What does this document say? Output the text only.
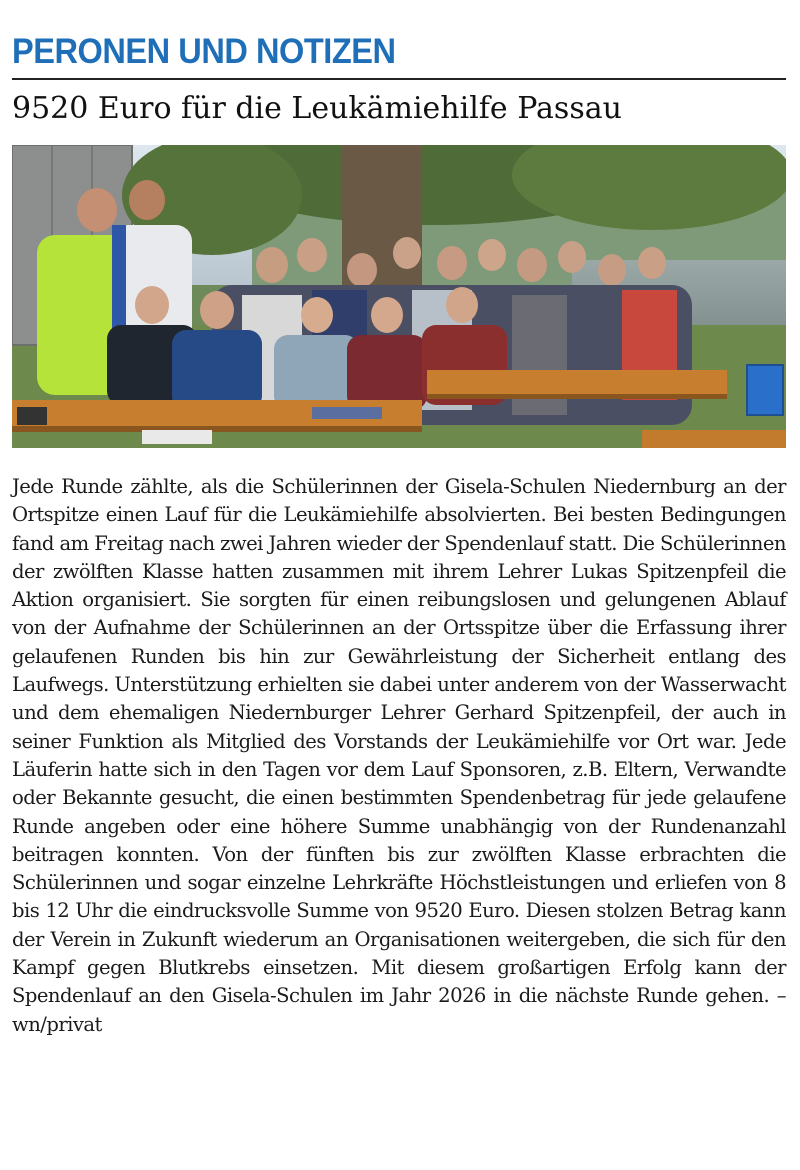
PERONEN UND NOTIZEN
9520 Euro für die Leukämiehilfe Passau

Jede Runde zählte, als die Schülerinnen der Gisela-Schulen Niedernburg an der Ortspitze einen Lauf für die Leukämiehilfe absolvierten. Bei besten Bedingungen fand am Freitag nach zwei Jahren wieder der Spendenlauf statt. Die Schülerinnen der zwölften Klasse hatten zusammen mit ihrem Lehrer Lukas Spitzenpfeil die Aktion organisiert. Sie sorgten für einen reibungslosen und gelungenen Ablauf von der Aufnahme der Schülerinnen an der Ortsspitze über die Erfassung ihrer gelaufenen Runden bis hin zur Gewährleistung der Sicherheit entlang des Laufwegs. Unterstützung erhielten sie dabei unter anderem von der Wasserwacht und dem ehemaligen Niedernburger Lehrer Gerhard Spitzenpfeil, der auch in seiner Funktion als Mitglied des Vorstands der Leukämiehilfe vor Ort war. Jede Läuferin hatte sich in den Tagen vor dem Lauf Sponsoren, z.B. Eltern, Verwandte oder Bekannte gesucht, die einen bestimmten Spendenbetrag für jede gelaufene Runde angeben oder eine höhere Summe unabhängig von der Rundenanzahl beitragen konnten. Von der fünften bis zur zwölften Klasse erbrachten die Schülerinnen und sogar einzelne Lehrkräfte Höchstleistungen und erliefen von 8 bis 12 Uhr die eindrucksvolle Summe von 9520 Euro. Diesen stolzen Betrag kann der Verein in Zukunft wiederum an Organisationen weitergeben, die sich für den Kampf gegen Blutkrebs einsetzen. Mit diesem großartigen Erfolg kann der Spendenlauf an den Gisela-Schulen im Jahr 2026 in die nächste Runde gehen. – wn/privat
